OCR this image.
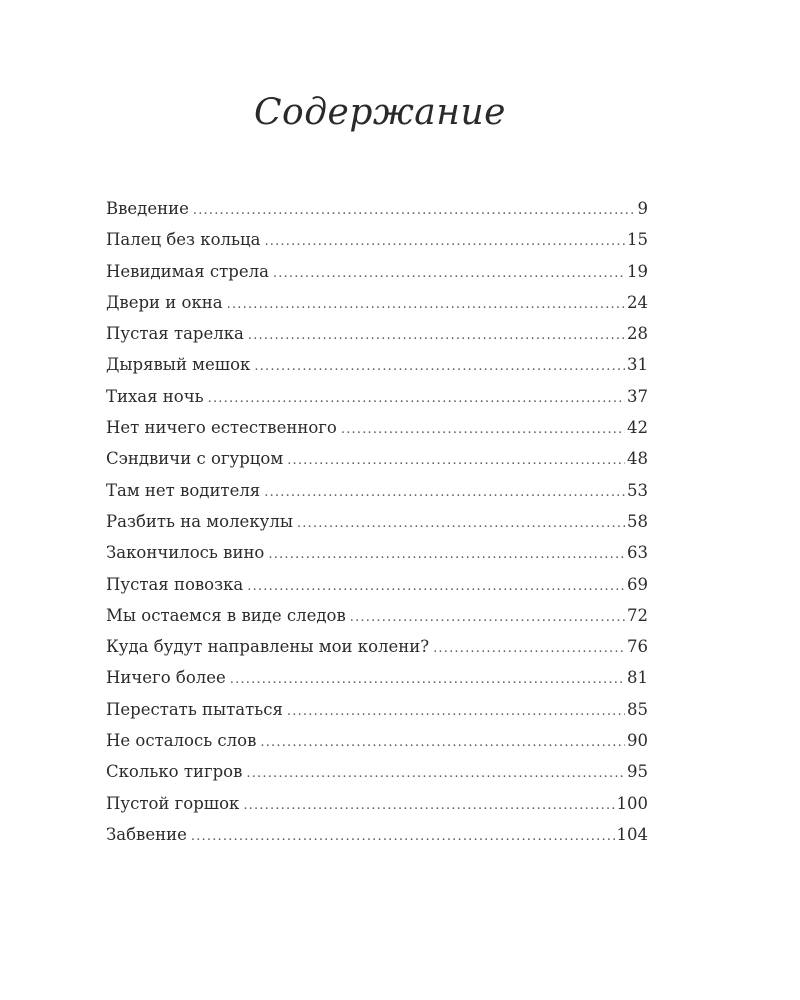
Содержание
Введение .....	9
Палец без кольца .....	15
Невидимая стрела .....	19
Двери и окна .....	24
Пустая тарелка .....	28
Дырявый мешок .....	31
Тихая ночь .....	37
Нет ничего естественного .....	42
Сэндвичи с огурцом .....	48
Там нет водителя .....	53
Разбить на молекулы .....	58
Закончилось вино .....	63
Пустая повозка .....	69
Мы остаемся в виде следов .....	72
Куда будут направлены мои колени? .....	76
Ничего более .....	81
Перестать пытаться .....	85
Не осталось слов .....	90
Сколько тигров .....	95
Пустой горшок .....	100
Забвение .....	104
